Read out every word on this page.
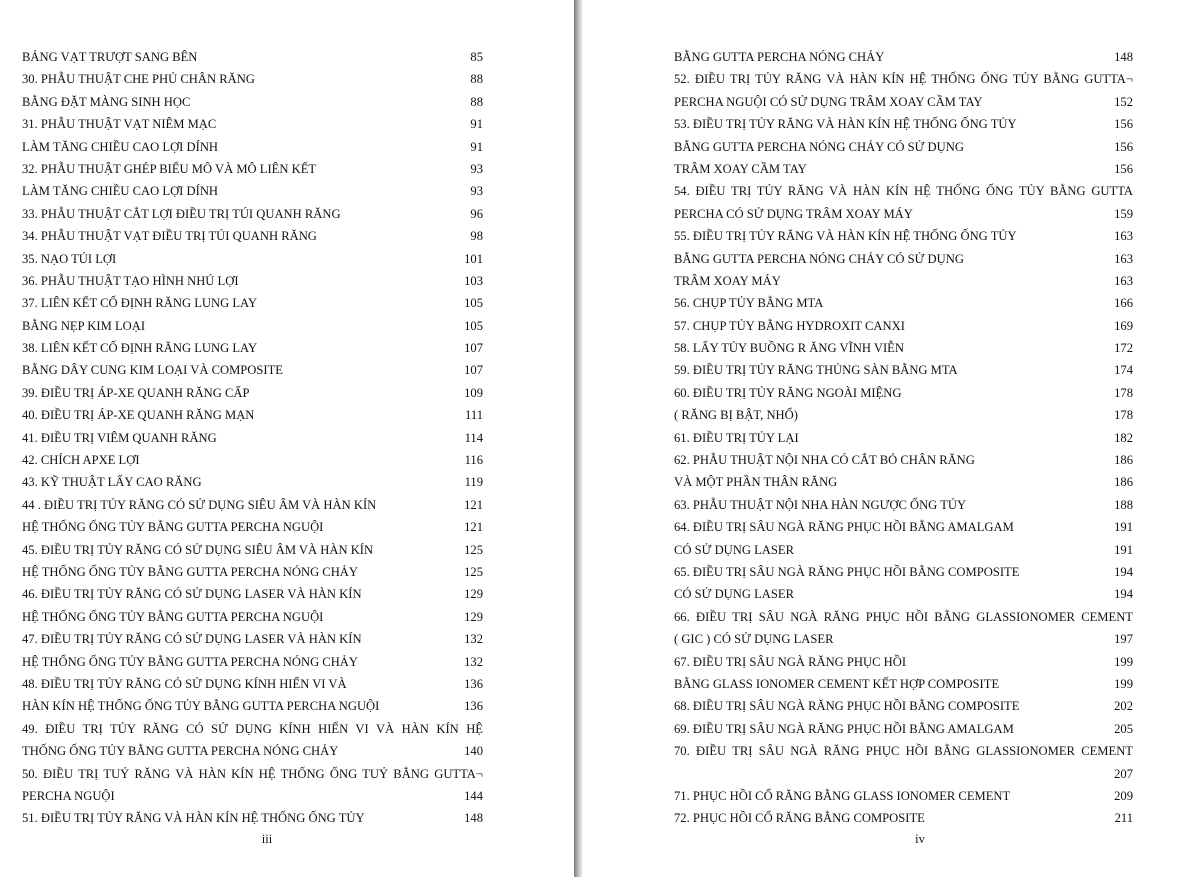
BẢNG VẠT TRƯỢT SANG BÊN	85
30. PHẪU THUẬT CHE PHỦ CHÂN RĂNG	88
BẰNG ĐẶT MÀNG SINH HỌC	88
31. PHẪU THUẬT VẠT NIÊM MẠC	91
LÀM TĂNG CHIỀU CAO LỢI DÍNH	91
32. PHẪU THUẬT GHÉP BIỂU MÔ VÀ MÔ LIÊN KẾT	93
LÀM TĂNG CHIỀU CAO LỢI DÍNH	93
33. PHẪU THUẬT CẮT LỢI ĐIỀU TRỊ TÚI QUANH RĂNG	96
34. PHẪU THUẬT VẠT ĐIỀU TRỊ TÚI QUANH RĂNG	98
35. NẠO TÚI LỢI	101
36. PHẪU THUẬT TẠO HÌNH NHÚ LỢI	103
37. LIÊN KẾT CỐ ĐỊNH RĂNG LUNG LAY	105
BẰNG NẸP KIM LOẠI	105
38. LIÊN KẾT CỐ ĐỊNH RĂNG LUNG LAY	107
BẰNG DÂY CUNG KIM LOẠI VÀ COMPOSITE	107
39. ĐIỀU TRỊ ÁP-XE QUANH RĂNG CẤP	109
40. ĐIỀU TRỊ ÁP-XE QUANH RĂNG MẠN	111
41. ĐIỀU TRỊ VIÊM QUANH RĂNG	114
42. CHÍCH APXE LỢI	116
43. KỸ THUẬT LẤY CAO RĂNG	119
44 . ĐIỀU TRỊ TỦY RĂNG CÓ SỬ DỤNG SIÊU ÂM VÀ HÀN KÍN	121
HỆ THỐNG ỐNG TỦY BẰNG GUTTA PERCHA NGUỘI	121
45. ĐIỀU TRỊ TỦY RĂNG CÓ SỬ DỤNG SIÊU ÂM VÀ HÀN KÍN	125
HỆ THỐNG ỐNG TỦY BẰNG GUTTA PERCHA NÓNG CHẢY	125
46. ĐIỀU TRỊ TỦY RĂNG CÓ SỬ DỤNG LASER VÀ HÀN KÍN	129
HỆ THỐNG ỐNG TỦY BẰNG GUTTA PERCHA NGUỘI	129
47. ĐIỀU TRỊ TỦY RĂNG CÓ SỬ DỤNG LASER VÀ HÀN KÍN	132
HỆ THỐNG ỐNG TỦY BẰNG GUTTA PERCHA NÓNG CHẢY	132
48. ĐIỀU TRỊ TỦY RĂNG CÓ SỬ DỤNG KÍNH HIỂN VI VÀ	136
HÀN KÍN HỆ THỐNG ỐNG TỦY BẰNG GUTTA PERCHA NGUỘI	136
49. ĐIỀU TRỊ TỦY RĂNG CÓ SỬ DỤNG KÍNH HIỂN VI VÀ HÀN KÍN HỆ
THỐNG ỐNG TỦY BẰNG GUTTA PERCHA NÓNG CHẢY	140
50. ĐIỀU TRỊ TUỶ RĂNG VÀ HÀN KÍN HỆ THỐNG ỐNG TUỶ BẰNG GUTTA¬
PERCHA NGUỘI	144
51. ĐIỀU TRỊ TỦY RĂNG VÀ HÀN KÍN HỆ THỐNG ỐNG TỦY	148
iii
BẰNG GUTTA PERCHA NÓNG CHẢY	148
52. ĐIỀU TRỊ TỦY RĂNG VÀ HÀN KÍN HỆ THỐNG ỐNG TỦY BẰNG GUTTA¬
PERCHA NGUỘI CÓ SỬ DỤNG TRÂM XOAY CẦM TAY	152
53. ĐIỀU TRỊ TỦY RĂNG VÀ HÀN KÍN HỆ THỐNG ỐNG TỦY	156
BẰNG GUTTA PERCHA NÓNG CHẢY CÓ SỬ DỤNG	156
TRÂM XOAY CẦM TAY	156
54. ĐIỀU TRỊ TỦY RĂNG VÀ HÀN KÍN HỆ THỐNG ỐNG TỦY BẰNG GUTTA
PERCHA CÓ SỬ DỤNG TRÂM XOAY MÁY	159
55. ĐIỀU TRỊ TỦY RĂNG VÀ HÀN KÍN HỆ THỐNG ỐNG TỦY	163
BẰNG GUTTA PERCHA NÓNG CHẢY CÓ SỬ DỤNG	163
TRÂM XOAY MÁY	163
56. CHỤP TỦY BẰNG MTA	166
57. CHỤP TỦY BẰNG HYDROXIT CANXI	169
58. LẤY TỦY BUỒNG R ĂNG VĨNH VIỄN	172
59. ĐIỀU TRỊ TỦY RĂNG THỦNG SÀN BẰNG MTA	174
60. ĐIỀU TRỊ TỦY RĂNG NGOÀI MIỆNG	178
( RĂNG BỊ BẬT, NHỔ)	178
61. ĐIỀU TRỊ TỦY LẠI	182
62. PHẪU THUẬT NỘI NHA CÓ CẮT BỎ CHÂN RĂNG	186
VÀ MỘT PHẦN THÂN RĂNG	186
63. PHẪU THUẬT NỘI NHA HÀN NGƯỢC ỐNG TỦY	188
64. ĐIỀU TRỊ SÂU NGÀ RĂNG PHỤC HỒI BẰNG AMALGAM	191
CÓ SỬ DỤNG LASER	191
65. ĐIỀU TRỊ SÂU NGÀ RĂNG PHỤC HỒI BẰNG COMPOSITE	194
CÓ SỬ DỤNG LASER	194
66. ĐIỀU TRỊ SÂU NGÀ RĂNG PHỤC HỒI BẰNG GLASSIONOMER CEMENT
( GIC ) CÓ SỬ DỤNG LASER	197
67. ĐIỀU TRỊ SÂU NGÀ RĂNG PHỤC HỒI	199
BẰNG GLASS IONOMER CEMENT KẾT HỢP COMPOSITE	199
68. ĐIỀU TRỊ SÂU NGÀ RĂNG PHỤC HỒI BẰNG COMPOSITE	202
69. ĐIỀU TRỊ SÂU NGÀ RĂNG PHỤC HỒI BẰNG AMALGAM	205
70. ĐIỀU TRỊ SÂU NGÀ RĂNG PHỤC HỒI BẰNG GLASSIONOMER CEMENT
207
71. PHỤC HỒI CỔ RĂNG BẰNG GLASS IONOMER CEMENT	209
72. PHỤC HỒI CỔ RĂNG BẰNG COMPOSITE	211
iv
